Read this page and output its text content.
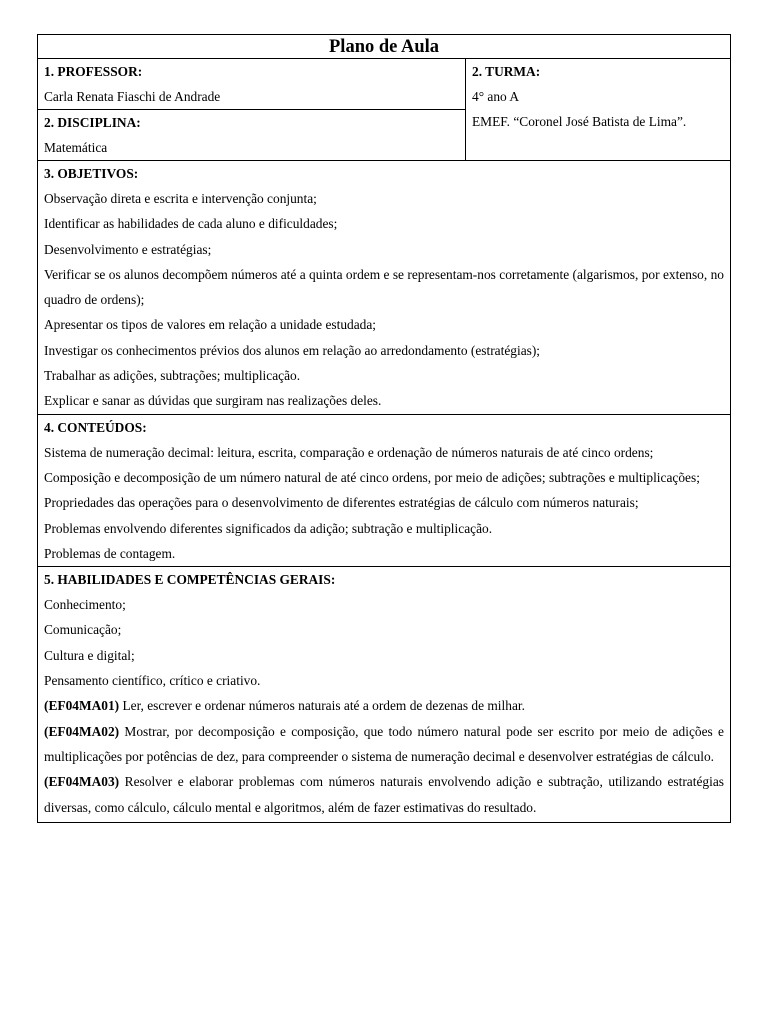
Plano de Aula
1. PROFESSOR:
Carla Renata Fiaschi de Andrade
2. DISCIPLINA:
Matemática
2. TURMA:
4° ano A
EMEF. “Coronel José Batista de Lima”.
3. OBJETIVOS:
Observação direta e escrita e intervenção conjunta;
Identificar as habilidades de cada aluno e dificuldades;
Desenvolvimento e estratégias;
Verificar se os alunos decompõem números até a quinta ordem e se representam-nos corretamente (algarismos, por extenso, no quadro de ordens);
Apresentar os tipos de valores em relação a unidade estudada;
Investigar os conhecimentos prévios dos alunos em relação ao arredondamento (estratégias);
Trabalhar as adições, subtrações; multiplicação.
Explicar e sanar as dúvidas que surgiram nas realizações deles.
4. CONTEÚDOS:
Sistema de numeração decimal: leitura, escrita, comparação e ordenação de números naturais de até cinco ordens;
Composição e decomposição de um número natural de até cinco ordens, por meio de adições; subtrações e multiplicações;
Propriedades das operações para o desenvolvimento de diferentes estratégias de cálculo com números naturais;
Problemas envolvendo diferentes significados da adição; subtração e multiplicação.
Problemas de contagem.
5. HABILIDADES E COMPETÊNCIAS GERAIS:
Conhecimento;
Comunicação;
Cultura e digital;
Pensamento científico, crítico e criativo.
(EF04MA01) Ler, escrever e ordenar números naturais até a ordem de dezenas de milhar.
(EF04MA02) Mostrar, por decomposição e composição, que todo número natural pode ser escrito por meio de adições e multiplicações por potências de dez, para compreender o sistema de numeração decimal e desenvolver estratégias de cálculo.
(EF04MA03) Resolver e elaborar problemas com números naturais envolvendo adição e subtração, utilizando estratégias diversas, como cálculo, cálculo mental e algoritmos, além de fazer estimativas do resultado.
